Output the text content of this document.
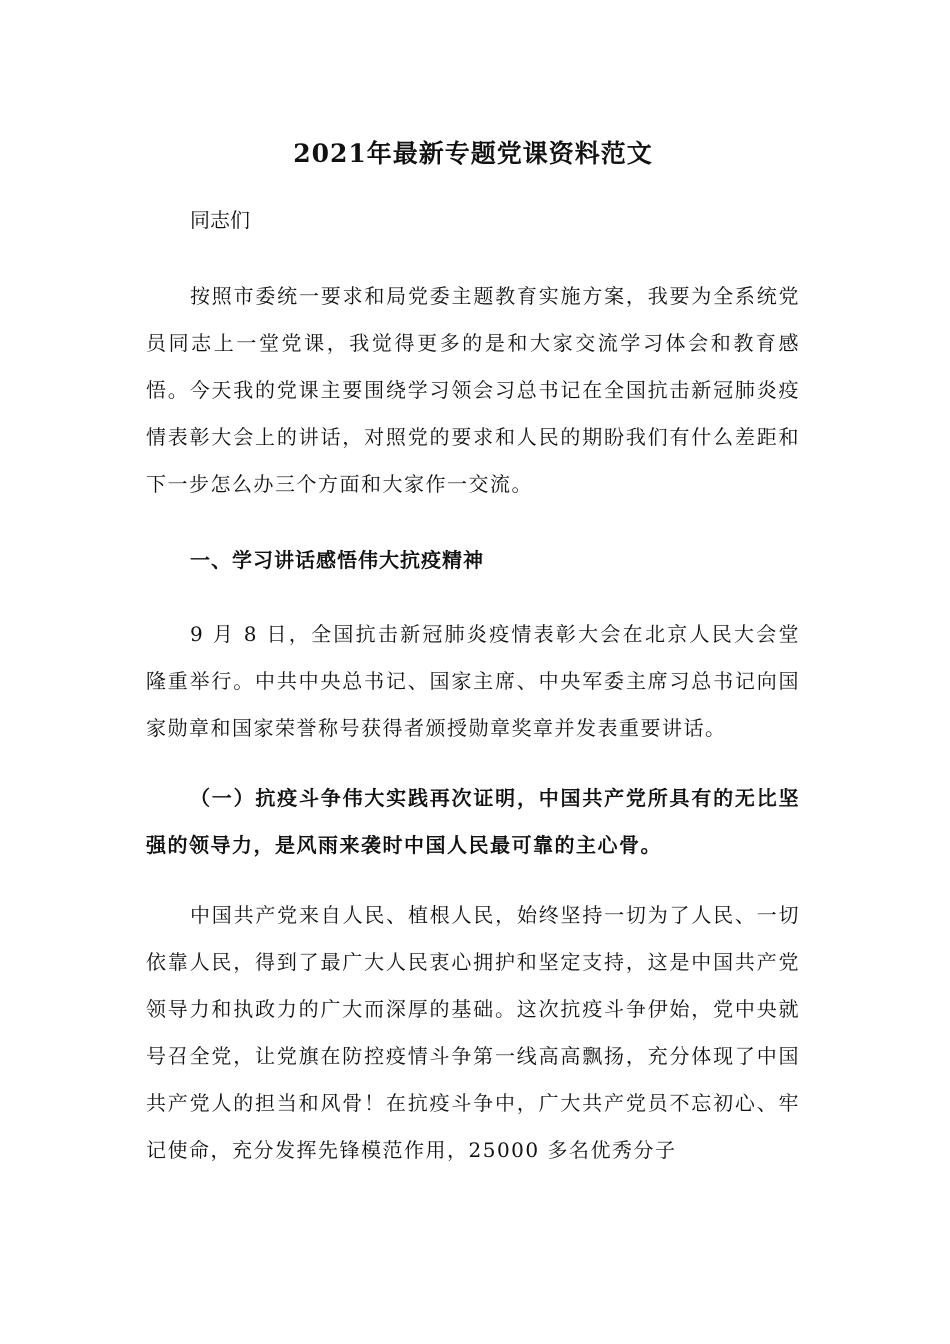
2021年最新专题党课资料范文

同志们

按照市委统一要求和局党委主题教育实施方案，我要为全系统党员同志上一堂党课，我觉得更多的是和大家交流学习体会和教育感悟。今天我的党课主要围绕学习领会习总书记在全国抗击新冠肺炎疫情表彰大会上的讲话，对照党的要求和人民的期盼我们有什么差距和下一步怎么办三个方面和大家作一交流。

一、学习讲话感悟伟大抗疫精神

9 月 8 日，全国抗击新冠肺炎疫情表彰大会在北京人民大会堂隆重举行。中共中央总书记、国家主席、中央军委主席习总书记向国家勋章和国家荣誉称号获得者颁授勋章奖章并发表重要讲话。

（一）抗疫斗争伟大实践再次证明，中国共产党所具有的无比坚强的领导力，是风雨来袭时中国人民最可靠的主心骨。

中国共产党来自人民、植根人民，始终坚持一切为了人民、一切依靠人民，得到了最广大人民衷心拥护和坚定支持，这是中国共产党领导力和执政力的广大而深厚的基础。这次抗疫斗争伊始，党中央就号召全党，让党旗在防控疫情斗争第一线高高飘扬，充分体现了中国共产党人的担当和风骨！在抗疫斗争中，广大共产党员不忘初心、牢记使命，充分发挥先锋模范作用，25000 多名优秀分子
